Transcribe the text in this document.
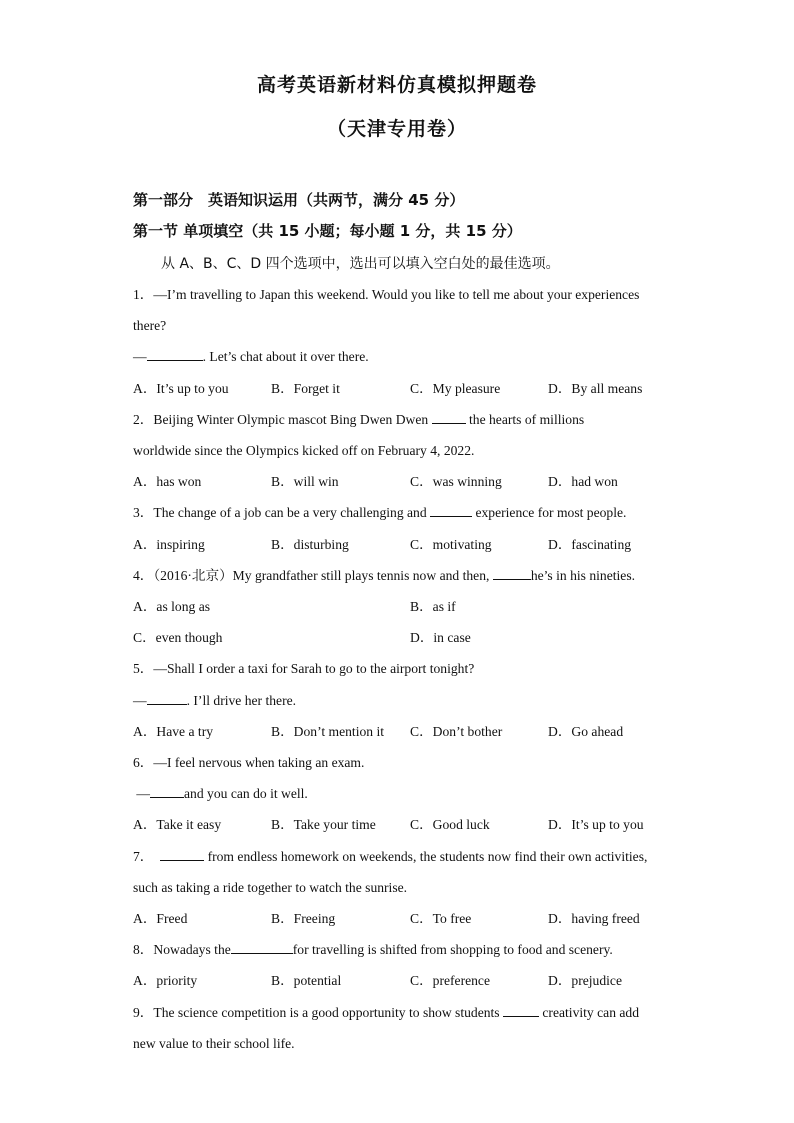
高考英语新材料仿真模拟押题卷
（天津专用卷）
第一部分　英语知识运用（共两节，满分 45 分）
第一节 单项填空（共 15 小题；每小题 1 分，共 15 分）
从 A、B、C、D 四个选项中，选出可以填入空白处的最佳选项。
1．—I’m travelling to Japan this weekend. Would you like to tell me about your experiences
there?
—	. Let’s chat about it over there.
A．It’s up to you	B．Forget it	C．My pleasure	D．By all means
2．Beijing Winter Olympic mascot Bing Dwen Dwen	the hearts of millions
worldwide since the Olympics kicked off on February 4, 2022.
A．has won	B．will win	C．was winning	D．had won
3．The change of a job can be a very challenging and	experience for most people.
A．inspiring	B．disturbing	C．motivating	D．fascinating
4．（2016·北京）My grandfather still plays tennis now and then,	he’s in his nineties.
A．as long as	B．as if
C．even though	D．in case
5．—Shall I order a taxi for Sarah to go to the airport tonight?
—	. I’ll drive her there.
A．Have a try	B．Don’t mention it C．Don’t bother	D．Go ahead
6．—I feel nervous when taking an exam.
—	and you can do it well.
A．Take it easy	B．Take your time	C．Good luck	D．It’s up to you
7．	from endless homework on weekends, the students now find their own activities,
such as taking a ride together to watch the sunrise.
A．Freed	B．Freeing	C．To free	D．having freed
8．Nowadays the	for travelling is shifted from shopping to food and scenery.
A．priority	B．potential	C．preference	D．prejudice
9．The science competition is a good opportunity to show students	creativity can add
new value to their school life.
